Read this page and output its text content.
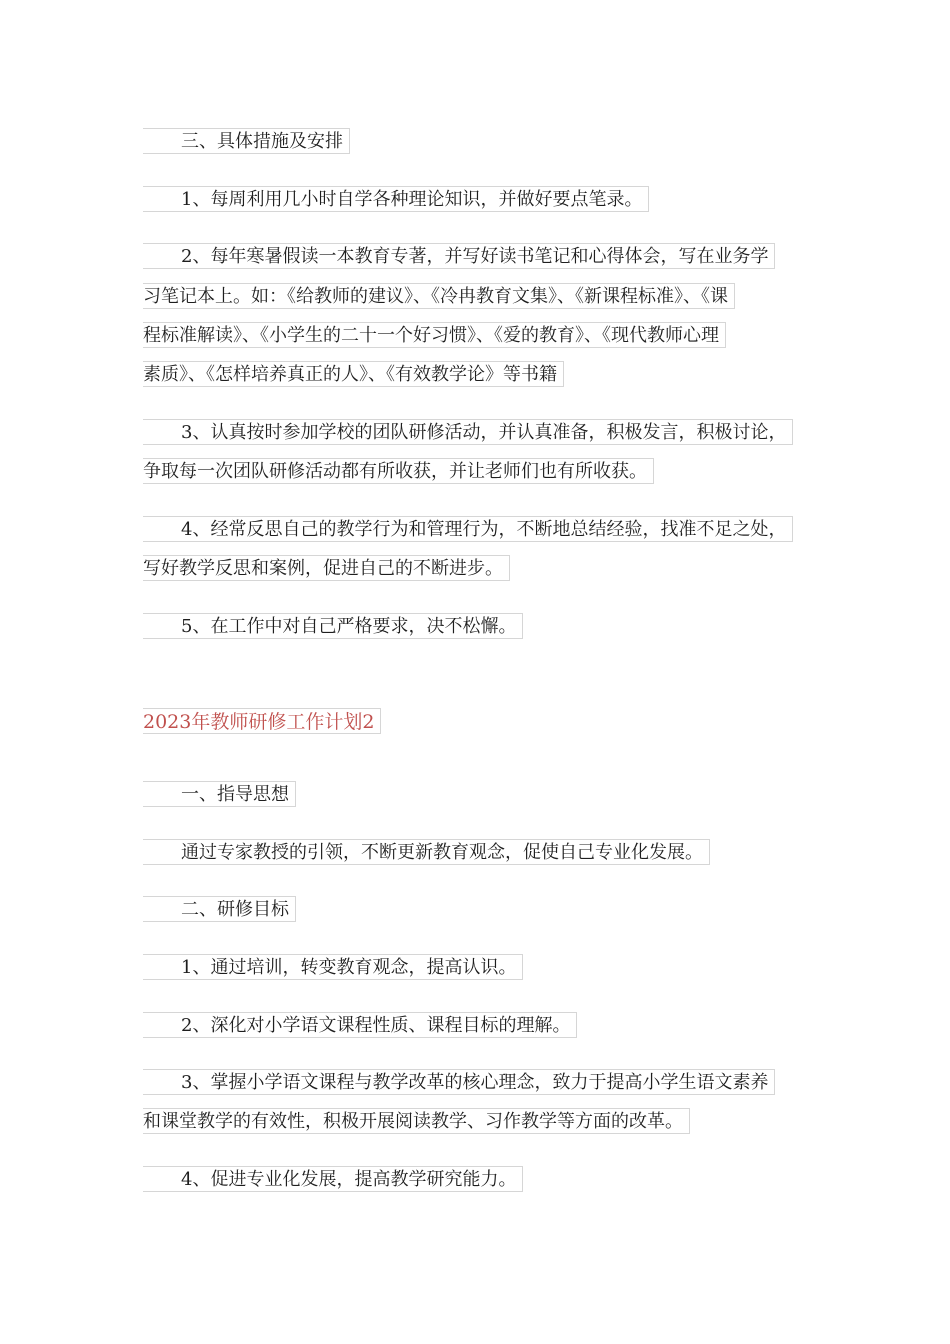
三、具体措施及安排
1、每周利用几小时自学各种理论知识，并做好要点笔录。
2、每年寒暑假读一本教育专著，并写好读书笔记和心得体会，写在业务学
习笔记本上。如：《给教师的建议》、《冷冉教育文集》、《新课程标准》、《课
程标准解读》、《小学生的二十一个好习惯》、《爱的教育》、《现代教师心理
素质》、《怎样培养真正的人》、《有效教学论》等书籍
3、认真按时参加学校的团队研修活动，并认真准备，积极发言，积极讨论，
争取每一次团队研修活动都有所收获，并让老师们也有所收获。
4、经常反思自己的教学行为和管理行为，不断地总结经验，找准不足之处，
写好教学反思和案例，促进自己的不断进步。
5、在工作中对自己严格要求，决不松懈。
2023年教师研修工作计划2
一、指导思想
通过专家教授的引领，不断更新教育观念，促使自己专业化发展。
二、研修目标
1、通过培训，转变教育观念，提高认识。
2、深化对小学语文课程性质、课程目标的理解。
3、掌握小学语文课程与教学改革的核心理念，致力于提高小学生语文素养
和课堂教学的有效性，积极开展阅读教学、习作教学等方面的改革。
4、促进专业化发展，提高教学研究能力。
